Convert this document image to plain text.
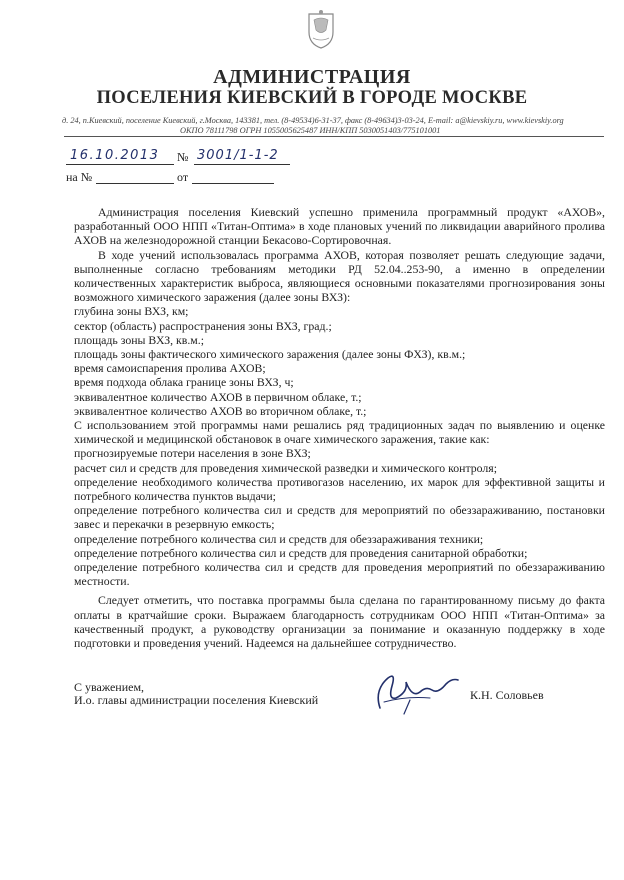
АДМИНИСТРАЦИЯ
ПОСЕЛЕНИЯ КИЕВСКИЙ В ГОРОДЕ МОСКВЕ
д. 24, п.Киевский, поселение Киевский, г.Москва, 143381, тел. (8-49534)6-31-37, факс (8-49634)3-03-24, E-mail: a@kievskiy.ru, www.kievskiy.org
ОКПО 78111798 ОГРН 1055005625487 ИНН/КПП 5030051403/775101001
16.10.2013 № 3001/1-1-2
на №	от

Администрация поселения Киевский успешно применила программный продукт «АХОВ», разработанный ООО НПП «Титан-Оптима» в ходе плановых учений по ликвидации аварийного пролива АХОВ на железнодорожной станции Бекасово-Сортировочная.

В ходе учений использовалась программа АХОВ, которая позволяет решать следующие задачи, выполненные согласно требованиям методики РД 52.04..253-90, а именно в определении количественных характеристик выброса, являющиеся основными показателями прогнозирования зоны возможного химического заражения (далее зоны ВХЗ):

глубина зоны ВХЗ, км;

сектор (область) распространения зоны ВХЗ, град.;

площадь зоны ВХЗ, кв.м.;

площадь зоны фактического химического заражения (далее зоны ФХЗ), кв.м.;

время самоиспарения пролива АХОВ;

время подхода облака границе зоны ВХЗ, ч;

эквивалентное количество АХОВ в первичном облаке, т.;

эквивалентное количество АХОВ во вторичном облаке, т.;

С использованием этой программы нами решались ряд традиционных задач по выявлению и оценке химической и медицинской обстановок в очаге химического заражения, такие как:

прогнозируемые потери населения в зоне ВХЗ;

расчет сил и средств для проведения химической разведки и химического контроля;

определение необходимого количества противогазов населению, их марок для эффективной защиты и потребного количества пунктов выдачи;

определение потребного количества сил и средств для мероприятий по обеззараживанию, постановки завес и перекачки в резервную емкость;

определение потребного количества сил и средств для обеззараживания техники;

определение потребного количества сил и средств для проведения санитарной обработки;

определение потребного количества сил и средств для проведения мероприятий по обеззараживанию местности.

Следует отметить, что поставка программы была сделана по гарантированному письму до факта оплаты в кратчайшие сроки. Выражаем благодарность сотрудникам ООО НПП «Титан-Оптима» за качественный продукт, а руководству организации за понимание и оказанную поддержку в ходе подготовки и проведения учений. Надеемся на дальнейшее сотрудничество.

С уважением,
И.о. главы администрации поселения Киевский	К.Н. Соловьев
